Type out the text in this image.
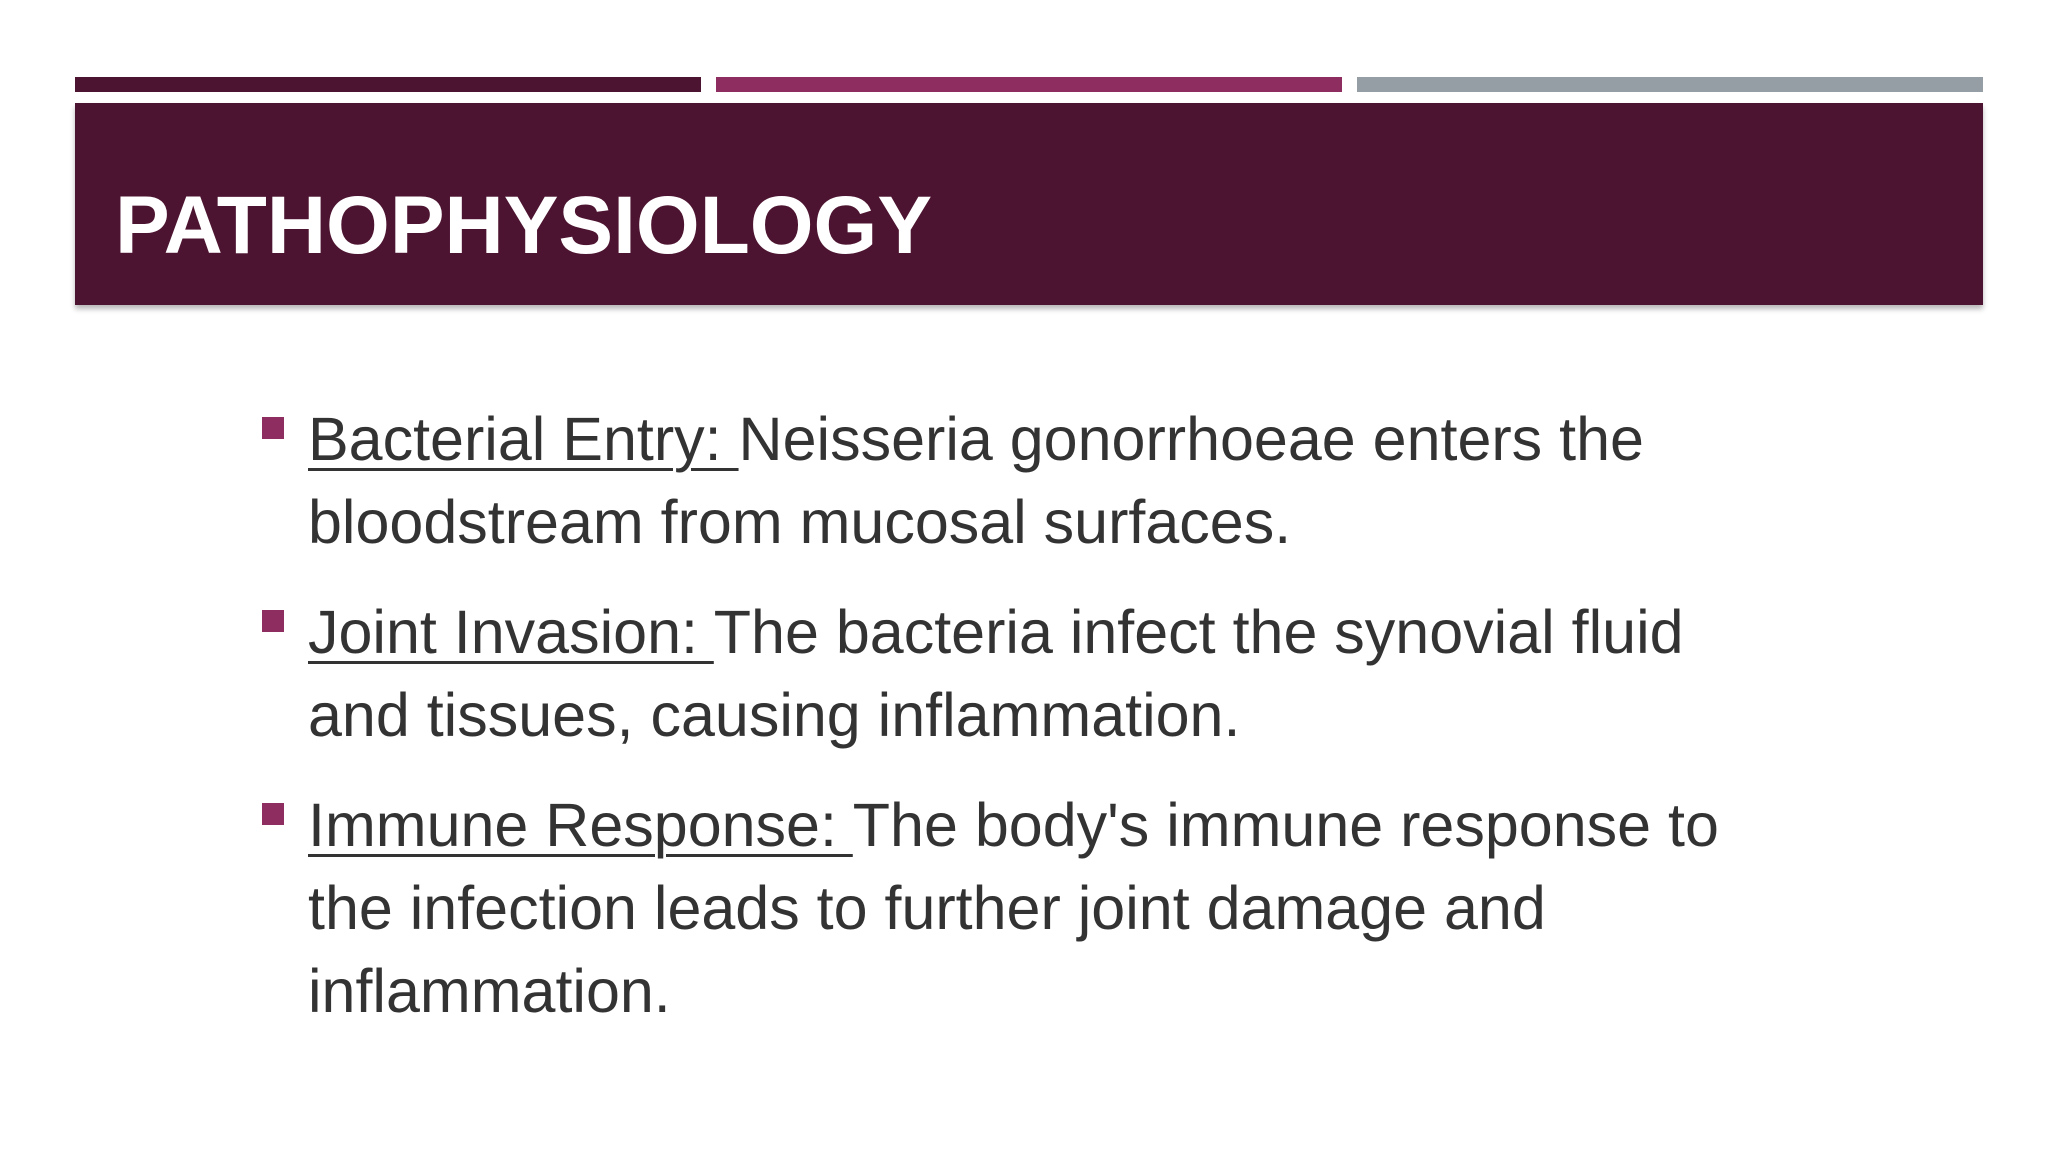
PATHOPHYSIOLOGY
Bacterial Entry: Neisseria gonorrhoeae enters the bloodstream from mucosal surfaces.
Joint Invasion: The bacteria infect the synovial fluid and tissues, causing inflammation.
Immune Response: The body's immune response to the infection leads to further joint damage and inflammation.
